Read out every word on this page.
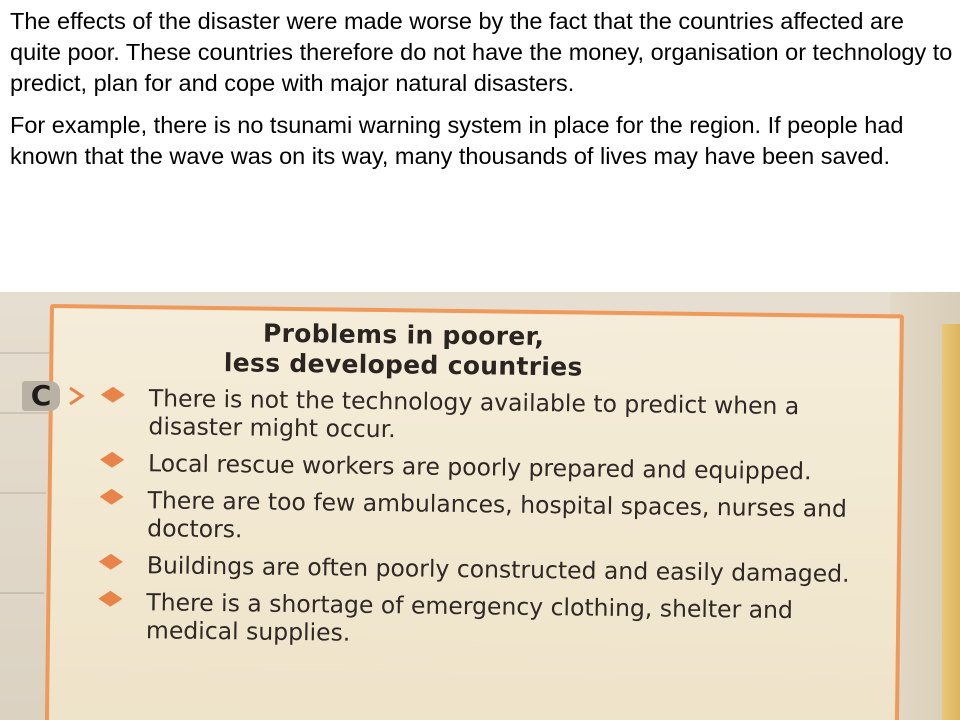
The effects of the disaster were made worse by the fact that the countries affected are quite poor. These countries therefore do not have the money, organisation or technology to predict, plan for and cope with major natural disasters.

For example, there is no tsunami warning system in place for the region. If people had known that the wave was on its way, many thousands of lives may have been saved.

Problems in poorer,
less developed countries
There is not the technology available to predict when a disaster might occur.
Local rescue workers are poorly prepared and equipped.
There are too few ambulances, hospital spaces, nurses and doctors.
Buildings are often poorly constructed and easily damaged.
There is a shortage of emergency clothing, shelter and medical supplies.
C
